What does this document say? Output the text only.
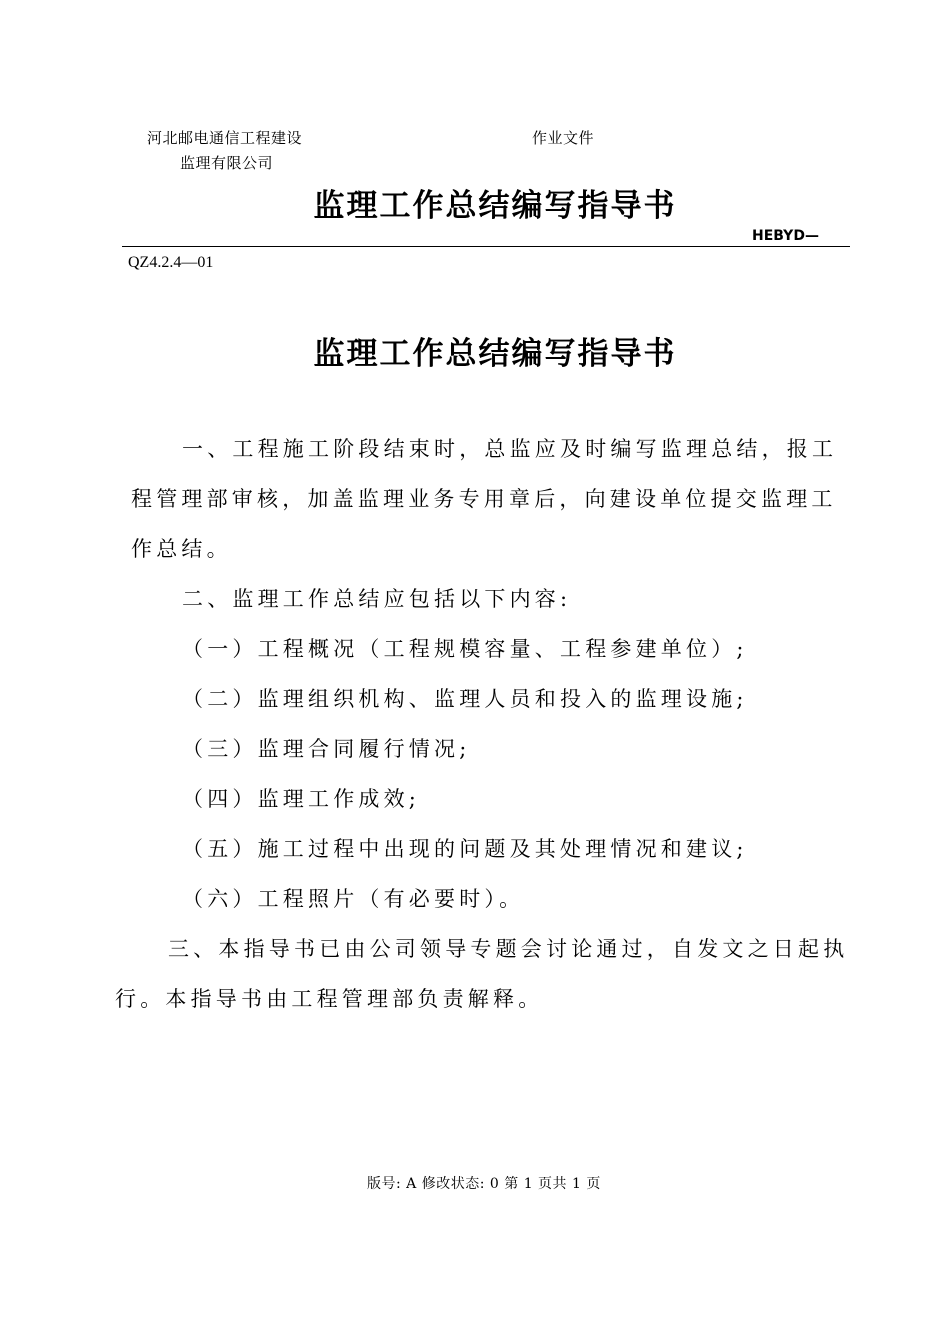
河北邮电通信工程建设
监理有限公司
作业文件
监理工作总结编写指导书
HEBYD—
QZ4.2.4—01
监理工作总结编写指导书
一、工程施工阶段结束时，总监应及时编写监理总结，报工
程管理部审核，加盖监理业务专用章后，向建设单位提交监理工
作总结。
二、监理工作总结应包括以下内容:
（一）工程概况（工程规模容量、工程参建单位）;
（二）监理组织机构、监理人员和投入的监理设施;
（三）监理合同履行情况;
（四）监理工作成效;
（五）施工过程中出现的问题及其处理情况和建议;
（六）工程照片（有必要时）。
三、本指导书已由公司领导专题会讨论通过，自发文之日起执
行。本指导书由工程管理部负责解释。
版号: A 修改状态: 0 第 1 页共 1 页
